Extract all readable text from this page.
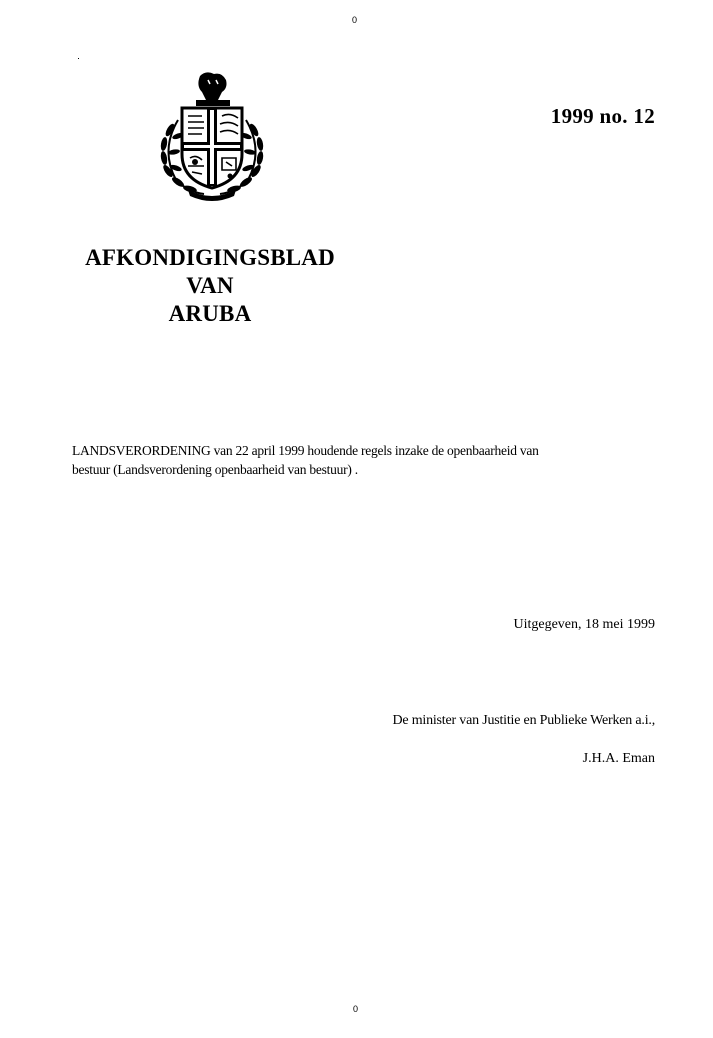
0
1999 no. 12
AFKONDIGINGSBLAD
VAN
ARUBA
LANDSVERORDENING van 22 april 1999 houdende regels inzake de openbaarheid van
bestuur (Landsverordening openbaarheid van bestuur) .
Uitgegeven, 18 mei 1999
De minister van Justitie en Publieke Werken a.i.,
J.H.A. Eman
0
